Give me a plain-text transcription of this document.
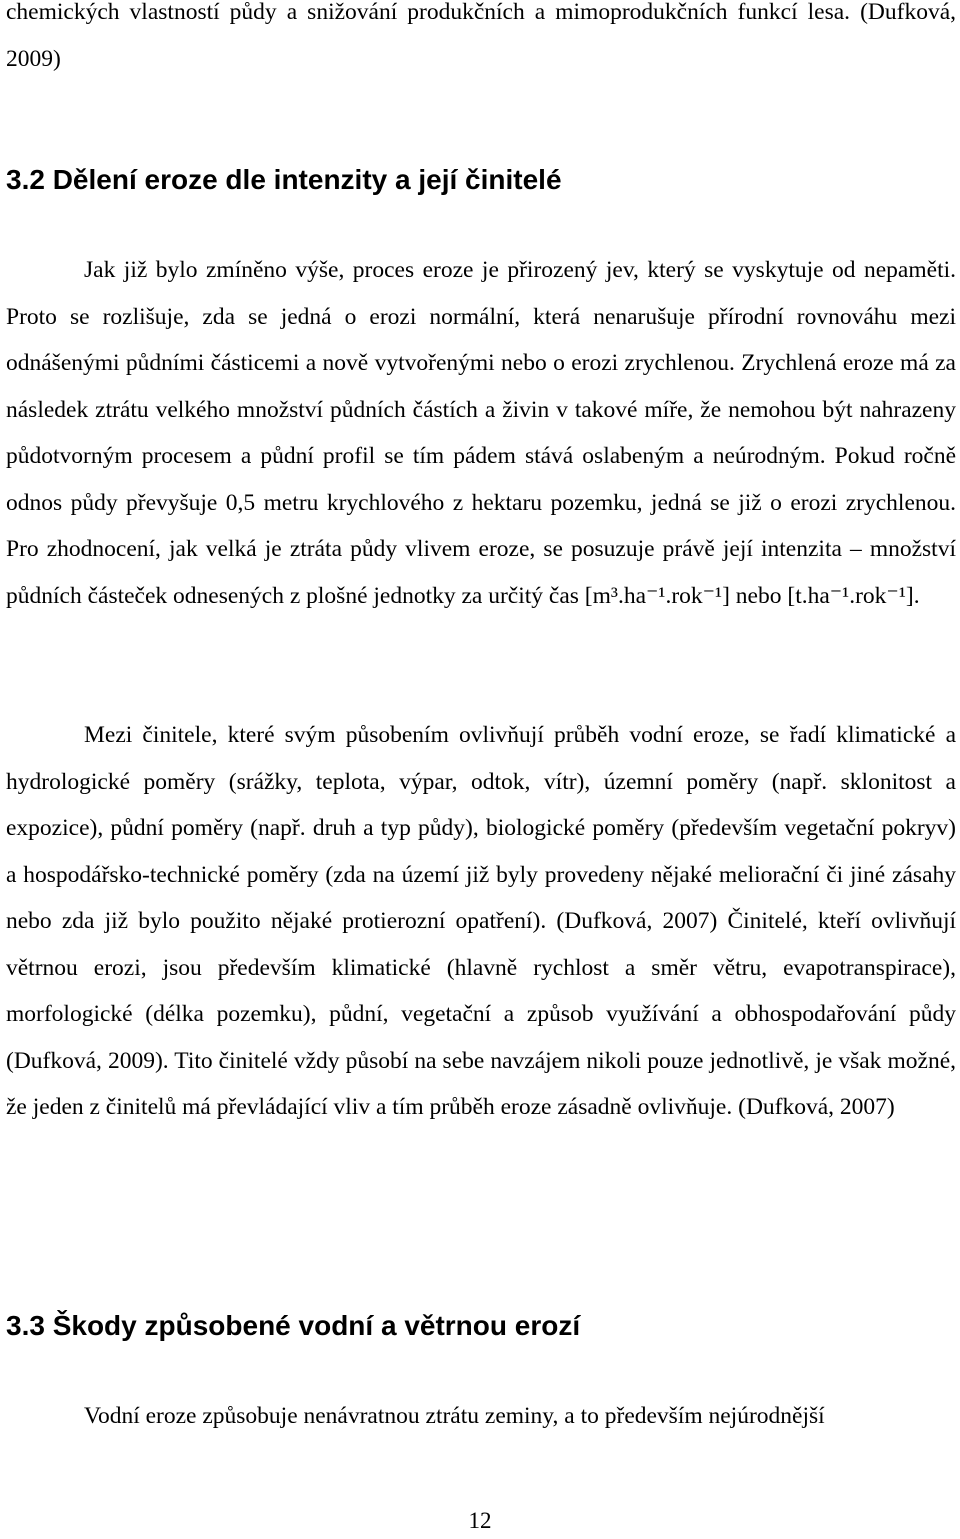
chemických vlastností půdy a snižování produkčních a mimoprodukčních funkcí lesa. (Dufková, 2009)

3.2 Dělení eroze dle intenzity a její činitelé

Jak již bylo zmíněno výše, proces eroze je přirozený jev, který se vyskytuje od nepaměti. Proto se rozlišuje, zda se jedná o erozi normální, která nenarušuje přírodní rovnováhu mezi odnášenými půdními částicemi a nově vytvořenými nebo o erozi zrychlenou. Zrychlená eroze má za následek ztrátu velkého množství půdních částích a živin v takové míře, že nemohou být nahrazeny půdotvorným procesem a půdní profil se tím pádem stává oslabeným a neúrodným. Pokud ročně odnos půdy převyšuje 0,5 metru krychlového z hektaru pozemku, jedná se již o erozi zrychlenou. Pro zhodnocení, jak velká je ztráta půdy vlivem eroze, se posuzuje právě její intenzita – množství půdních částeček odnesených z plošné jednotky za určitý čas [m³.ha⁻¹.rok⁻¹] nebo [t.ha⁻¹.rok⁻¹].

Mezi činitele, které svým působením ovlivňují průběh vodní eroze, se řadí klimatické a hydrologické poměry (srážky, teplota, výpar, odtok, vítr), územní poměry (např. sklonitost a expozice), půdní poměry (např. druh a typ půdy), biologické poměry (především vegetační pokryv) a hospodářsko-technické poměry (zda na území již byly provedeny nějaké meliorační či jiné zásahy nebo zda již bylo použito nějaké protierozní opatření). (Dufková, 2007) Činitelé, kteří ovlivňují větrnou erozi, jsou především klimatické (hlavně rychlost a směr větru, evapotranspirace), morfologické (délka pozemku), půdní, vegetační a způsob využívání a obhospodařování půdy (Dufková, 2009). Tito činitelé vždy působí na sebe navzájem nikoli pouze jednotlivě, je však možné, že jeden z činitelů má převládající vliv a tím průběh eroze zásadně ovlivňuje. (Dufková, 2007)

3.3 Škody způsobené vodní a větrnou erozí

Vodní eroze způsobuje nenávratnou ztrátu zeminy, a to především nejúrodnější

12
